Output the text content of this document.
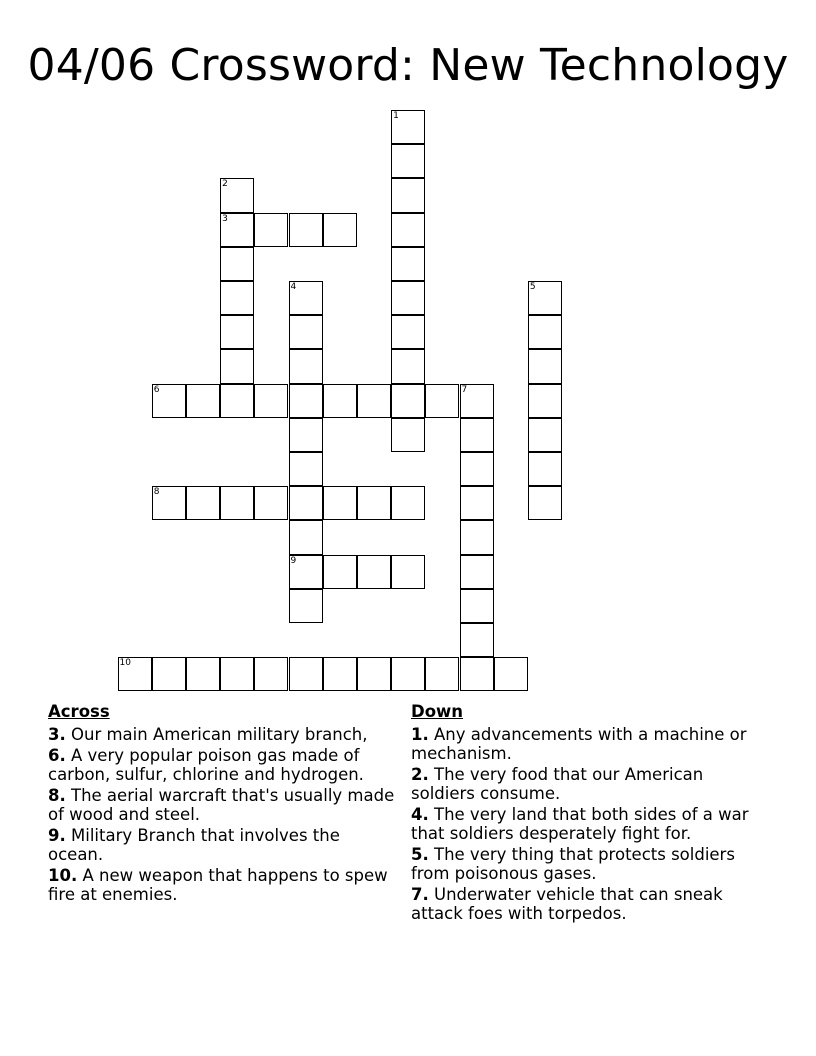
04/06 Crossword: New Technology
1
2
3
4
9
5
6	7
8
10
Across
3. Our main American military branch,
6. A very popular poison gas made of carbon, sulfur, chlorine and hydrogen.
8. The aerial warcraft that's usually made of wood and steel.
9. Military Branch that involves the ocean.
10. A new weapon that happens to spew fire at enemies.
Down
1. Any advancements with a machine or mechanism.
2. The very food that our American soldiers consume.
4. The very land that both sides of a war that soldiers desperately fight for.
5. The very thing that protects soldiers from poisonous gases.
7. Underwater vehicle that can sneak attack foes with torpedos.
